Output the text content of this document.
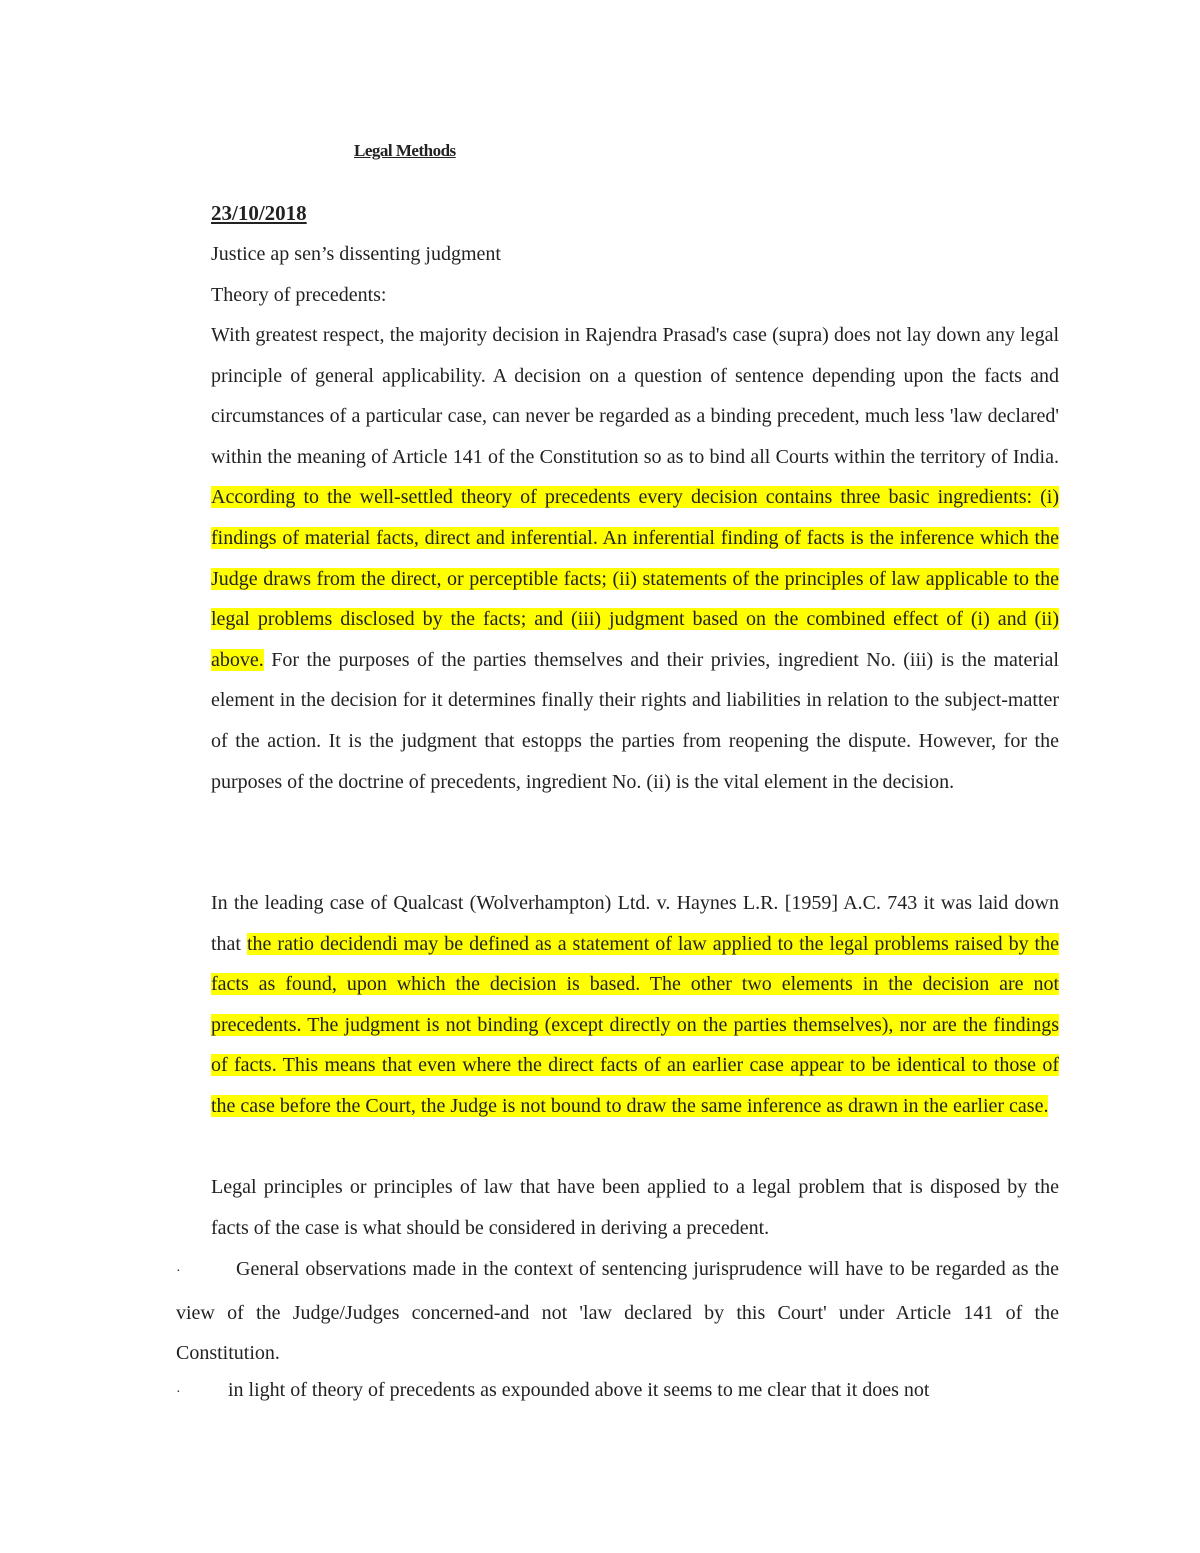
Legal Methods
23/10/2018
Justice ap sen’s dissenting judgment
Theory of precedents:
With greatest respect, the majority decision in Rajendra Prasad's case (supra) does not lay down any legal principle of general applicability. A decision on a question of sentence depending upon the facts and circumstances of a particular case, can never be regarded as a binding precedent, much less 'law declared' within the meaning of Article 141 of the Constitution so as to bind all Courts within the territory of India. According to the well-settled theory of precedents every decision contains three basic ingredients: (i) findings of material facts, direct and inferential. An inferential finding of facts is the inference which the Judge draws from the direct, or perceptible facts; (ii) statements of the principles of law applicable to the legal problems disclosed by the facts; and (iii) judgment based on the combined effect of (i) and (ii) above. For the purposes of the parties themselves and their privies, ingredient No. (iii) is the material element in the decision for it determines finally their rights and liabilities in relation to the subject-matter of the action. It is the judgment that estopps the parties from reopening the dispute. However, for the purposes of the doctrine of precedents, ingredient No. (ii) is the vital element in the decision.
In the leading case of Qualcast (Wolverhampton) Ltd. v. Haynes L.R. [1959] A.C. 743 it was laid down that the ratio decidendi may be defined as a statement of law applied to the legal problems raised by the facts as found, upon which the decision is based. The other two elements in the decision are not precedents. The judgment is not binding (except directly on the parties themselves), nor are the findings of facts. This means that even where the direct facts of an earlier case appear to be identical to those of the case before the Court, the Judge is not bound to draw the same inference as drawn in the earlier case.
Legal principles or principles of law that have been applied to a legal problem that is disposed by the facts of the case is what should be considered in deriving a precedent.
·	General observations made in the context of sentencing jurisprudence will have to be regarded as the view of the Judge/Judges concerned-and not 'law declared by this Court' under Article 141 of the Constitution.
· in light of theory of precedents as expounded above it seems to me clear that it does not
